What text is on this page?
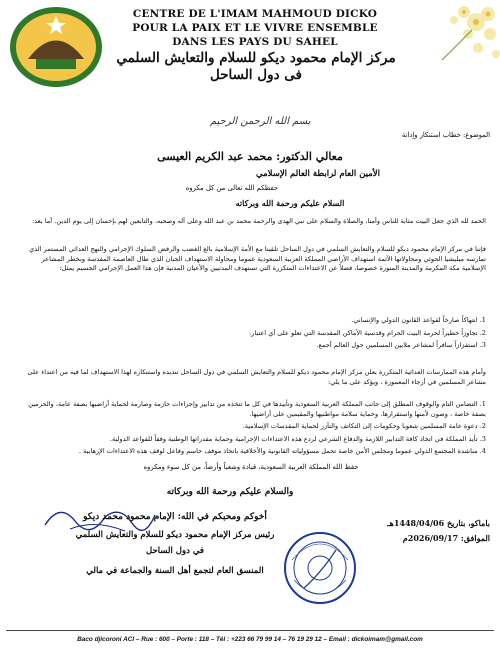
CENTRE DE L'IMAM MAHMOUD DICKO
POUR LA PAIX ET LE VIVRE ENSEMBLE
DANS LES PAYS DU SAHEL
مركز الإمام محمود ديكو للسلام والتعايش السلمي
فى دول الساحل
بسم الله الرحمن الرحيم
الموضوع: خطاب استنكار وإدانة
معالي الدكتور: محمد عبد الكريم العيسى
الأمين العام لرابطة العالم الإسلامي
حفظكم الله تعالى من كل مكروه
السلام عليكم ورحمة الله وبركاته
الحمد لله الذي جعل البيت مثابة للناس وأمنا، والصلاة والسلام على نبي الهدى والرحمة محمد بن عبد الله وعلى آله وصحبه، والتابعين لهم بإحسان إلى يوم الدين. أما بعد:
فإننا في مركز الإمام محمود ديكو للسلام والتعايش السلمي في دول الساحل تلقينا مع الأمة الإسلامية بالغ الغضب والرفض السلوك الإجرامي والنهج العدائي المستمر الذي تمارسه ميليشيا الحوثي ومحاولاتها الآثمة استهداف الأراضي المملكة العربية السعودية عموما ومحاولة الاستهداف الجبان الذي طال العاصمة المقدسة وبخطر المشاعر الإسلامية مكة المكرمة والمدينة المنورة خصوصا، فضلاً عن الاعتداءات المتكررة التي تستهدف المدنيين والأعيان المدنية فإن هذا العمل الإجرامي الجسيم يمثل:
1. انتهاكاً صارخاً لقواعد القانون الدولي والإنساني.
2. تجاوزاً خطيراً لحرمة البيت الحرام وقدسية الأماكن المقدسة التي تعلو على أي اعتبار.
3. استفزازاً سافراً لمشاعر ملايين المسلمين حول العالم أجمع.
وأمام هذه الممارسات العدائية المتكررة يعلن مركز الإمام محمود ديكو للسلام والتعايش السلمي في دول الساحل تنديده واستنكاره لهذا الاستهداف لما فيه من اعتداء على مشاعر المسلمين في أرجاء المعمورة ، ويؤكد على ما يلي:
1. التضامن التام والوقوف المطلق إلى جانب المملكة العربية السعودية وتأييدها في كل ما تتخذه من تدابير وإجراءات حازمة وصارمة لحماية أراضيها بصفة عامة، والحرمين بصفة خاصة ، وصون لأمنها واستقرارها، وحماية سلامة مواطنيها والمقيمين على أراضيها.
2. دعوة عامة المسلمين شعوبا وحكومات إلى التكاتف والتآزر لحماية المقدسات الإسلامية.
3. تأيد المملكة في اتخاذ كافة التدابير اللازمة والدفاع الشرعي لردع هذه الاعتداءات الإجرامية وحماية مقدراتها الوطنية وفقاً للقواعد الدولية.
4. مناشدة المجتمع الدولي عموما ومجلس الأمن خاصة تحمل مسؤولياته القانونية والأخلاقية باتخاذ موقف حاسم وفاعل لوقف هذه الاعتداءات الإرهابية .
حفظ الله المملكة العربية السعودية، قيادة وشعباً وأرضاً، من كل سوء ومكروه
والسلام عليكم ورحمة الله وبركاته
أخوكم ومحبكم في الله: الإمام محمود محمد ديكو
رئيس مركز الإمام محمود ديكو للسلام والتعايش السلمي
في دول الساحل
المنسق العام لتجمع أهل السنة والجماعة في مالي
باماكو، بتاريخ 1448/04/06هـ
الموافق: 2026/09/17م
Baco djicoroni ACI – Rue : 600 – Porte : 118 – Tél : +223 66 79 99 14 – 76 19 29 12 – Email : dickoimam@gmail.com
